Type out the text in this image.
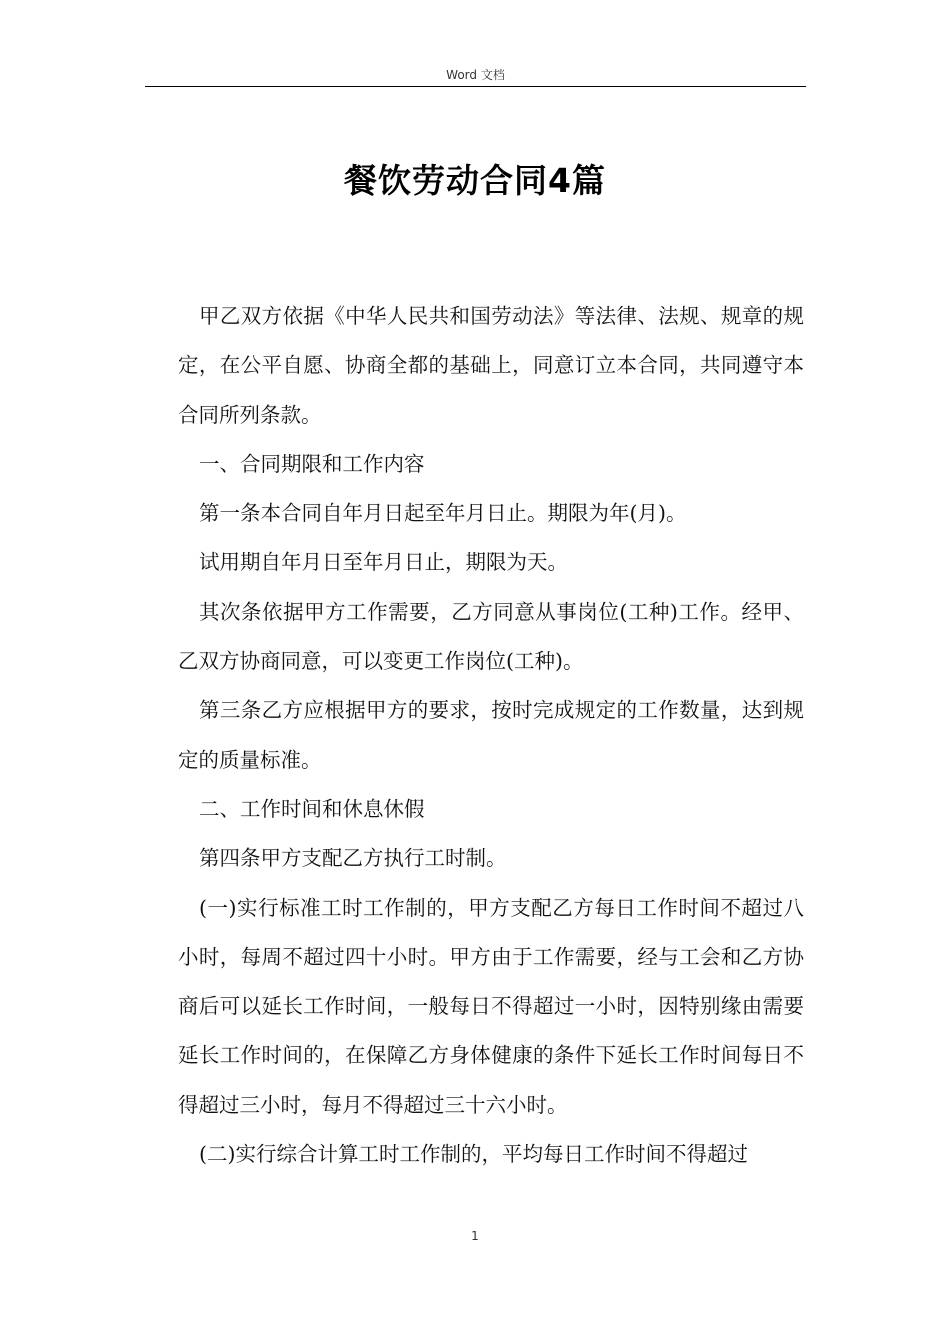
Word 文档
餐饮劳动合同4篇

甲乙双方依据《中华人民共和国劳动法》等法律、法规、规章的规定，在公平自愿、协商全都的基础上，同意订立本合同，共同遵守本合同所列条款。

一、合同期限和工作内容

第一条本合同自年月日起至年月日止。期限为年(月)。

试用期自年月日至年月日止，期限为天。

其次条依据甲方工作需要，乙方同意从事岗位(工种)工作。经甲、乙双方协商同意，可以变更工作岗位(工种)。

第三条乙方应根据甲方的要求，按时完成规定的工作数量，达到规定的质量标准。

二、工作时间和休息休假

第四条甲方支配乙方执行工时制。

(一)实行标准工时工作制的，甲方支配乙方每日工作时间不超过八小时，每周不超过四十小时。甲方由于工作需要，经与工会和乙方协商后可以延长工作时间，一般每日不得超过一小时，因特别缘由需要延长工作时间的，在保障乙方身体健康的条件下延长工作时间每日不得超过三小时，每月不得超过三十六小时。

(二)实行综合计算工时工作制的，平均每日工作时间不得超过

1
